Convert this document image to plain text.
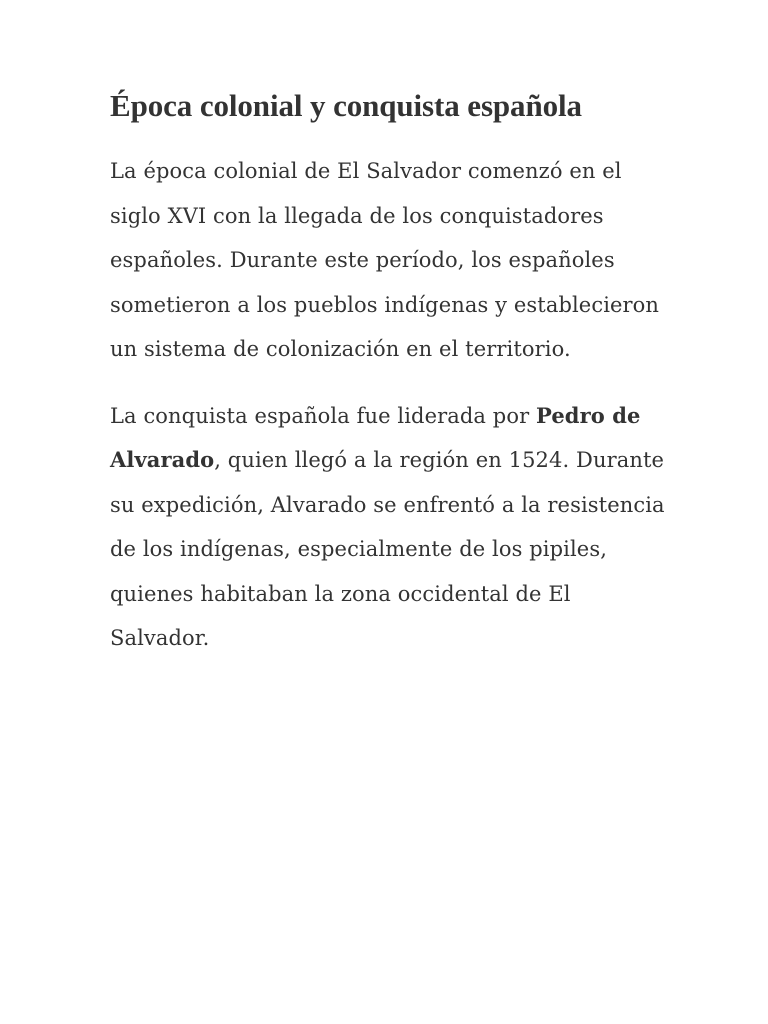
Época colonial y conquista española

La época colonial de El Salvador comenzó en el siglo XVI con la llegada de los conquistadores españoles. Durante este período, los españoles sometieron a los pueblos indígenas y establecieron un sistema de colonización en el territorio.

La conquista española fue liderada por Pedro de Alvarado, quien llegó a la región en 1524. Durante su expedición, Alvarado se enfrentó a la resistencia de los indígenas, especialmente de los pipiles, quienes habitaban la zona occidental de El Salvador.
